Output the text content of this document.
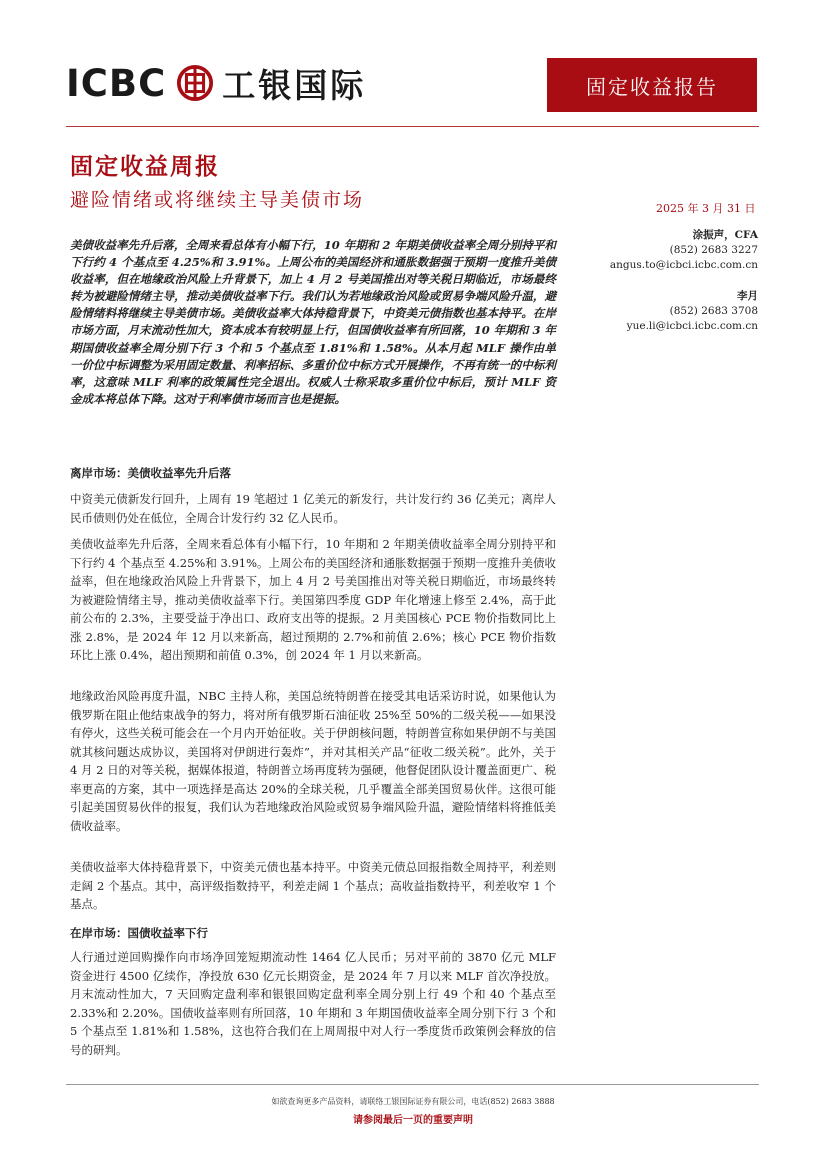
ICBC 工银国际	固定收益报告
固定收益周报
避险情绪或将继续主导美债市场	2025 年 3 月 31 日

美债收益率先升后落，全周来看总体有小幅下行，10 年期和 2 年期美债收益率全周分别持平和下行约 4 个基点至 4.25%和 3.91%。上周公布的美国经济和通胀数据强于预期一度推升美债收益率，但在地缘政治风险上升背景下，加上 4 月 2 号美国推出对等关税日期临近，市场最终转为被避险情绪主导，推动美债收益率下行。我们认为若地缘政治风险或贸易争端风险升温，避险情绪料将继续主导美债市场。美债收益率大体持稳背景下，中资美元债指数也基本持平。在岸市场方面，月末流动性加大，资本成本有较明显上行，但国债收益率有所回落，10 年期和 3 年期国债收益率全周分别下行 3 个和 5 个基点至 1.81%和 1.58%。从本月起 MLF 操作由单一价位中标调整为采用固定数量、利率招标、多重价位中标方式开展操作，不再有统一的中标利率，这意味 MLF 利率的政策属性完全退出。权威人士称采取多重价位中标后，预计 MLF 资金成本将总体下降。这对于利率债市场而言也是提振。

涂振声，CFA
(852) 2683 3227
angus.to@icbci.icbc.com.cn
李月
(852) 2683 3708
yue.li@icbci.icbc.com.cn
离岸市场：美债收益率先升后落

中资美元债新发行回升，上周有 19 笔超过 1 亿美元的新发行，共计发行约 36 亿美元；离岸人民币债则仍处在低位，全周合计发行约 32 亿人民币。

美债收益率先升后落，全周来看总体有小幅下行，10 年期和 2 年期美债收益率全周分别持平和下行约 4 个基点至 4.25%和 3.91%。上周公布的美国经济和通胀数据强于预期一度推升美债收益率，但在地缘政治风险上升背景下，加上 4 月 2 号美国推出对等关税日期临近，市场最终转为被避险情绪主导，推动美债收益率下行。美国第四季度 GDP 年化增速上修至 2.4%，高于此前公布的 2.3%，主要受益于净出口、政府支出等的提振。2 月美国核心 PCE 物价指数同比上涨 2.8%，是 2024 年 12 月以来新高，超过预期的 2.7%和前值 2.6%；核心 PCE 物价指数环比上涨 0.4%，超出预期和前值 0.3%，创 2024 年 1 月以来新高。

地缘政治风险再度升温，NBC 主持人称，美国总统特朗普在接受其电话采访时说，如果他认为俄罗斯在阻止他结束战争的努力，将对所有俄罗斯石油征收 25%至 50%的二级关税——如果没有停火，这些关税可能会在一个月内开始征收。关于伊朗核问题，特朗普宣称如果伊朗不与美国就其核问题达成协议，美国将对伊朗进行轰炸”，并对其相关产品“征收二级关税”。此外，关于 4 月 2 日的对等关税，据媒体报道，特朗普立场再度转为强硬，他督促团队设计覆盖面更广、税率更高的方案，其中一项选择是高达 20%的全球关税，几乎覆盖全部美国贸易伙伴。这很可能引起美国贸易伙伴的报复，我们认为若地缘政治风险或贸易争端风险升温，避险情绪料将推低美债收益率。

美债收益率大体持稳背景下，中资美元债也基本持平。中资美元债总回报指数全周持平，利差则走阔 2 个基点。其中，高评级指数持平，利差走阔 1 个基点；高收益指数持平，利差收窄 1 个基点。

在岸市场：国债收益率下行

人行通过逆回购操作向市场净回笼短期流动性 1464 亿人民币；另对平前的 3870 亿元 MLF 资金进行 4500 亿续作，净投放 630 亿元长期资金，是 2024 年 7 月以来 MLF 首次净投放。月末流动性加大，7 天回购定盘利率和银银回购定盘利率全周分别上行 49 个和 40 个基点至 2.33%和 2.20%。国债收益率则有所回落，10 年期和 3 年期国债收益率全周分别下行 3 个和 5 个基点至 1.81%和 1.58%，这也符合我们在上周周报中对人行一季度货币政策例会释放的信号的研判。

如欲查询更多产品资料，请联络工银国际证券有限公司，电话(852) 2683 3888
请参阅最后一页的重要声明
